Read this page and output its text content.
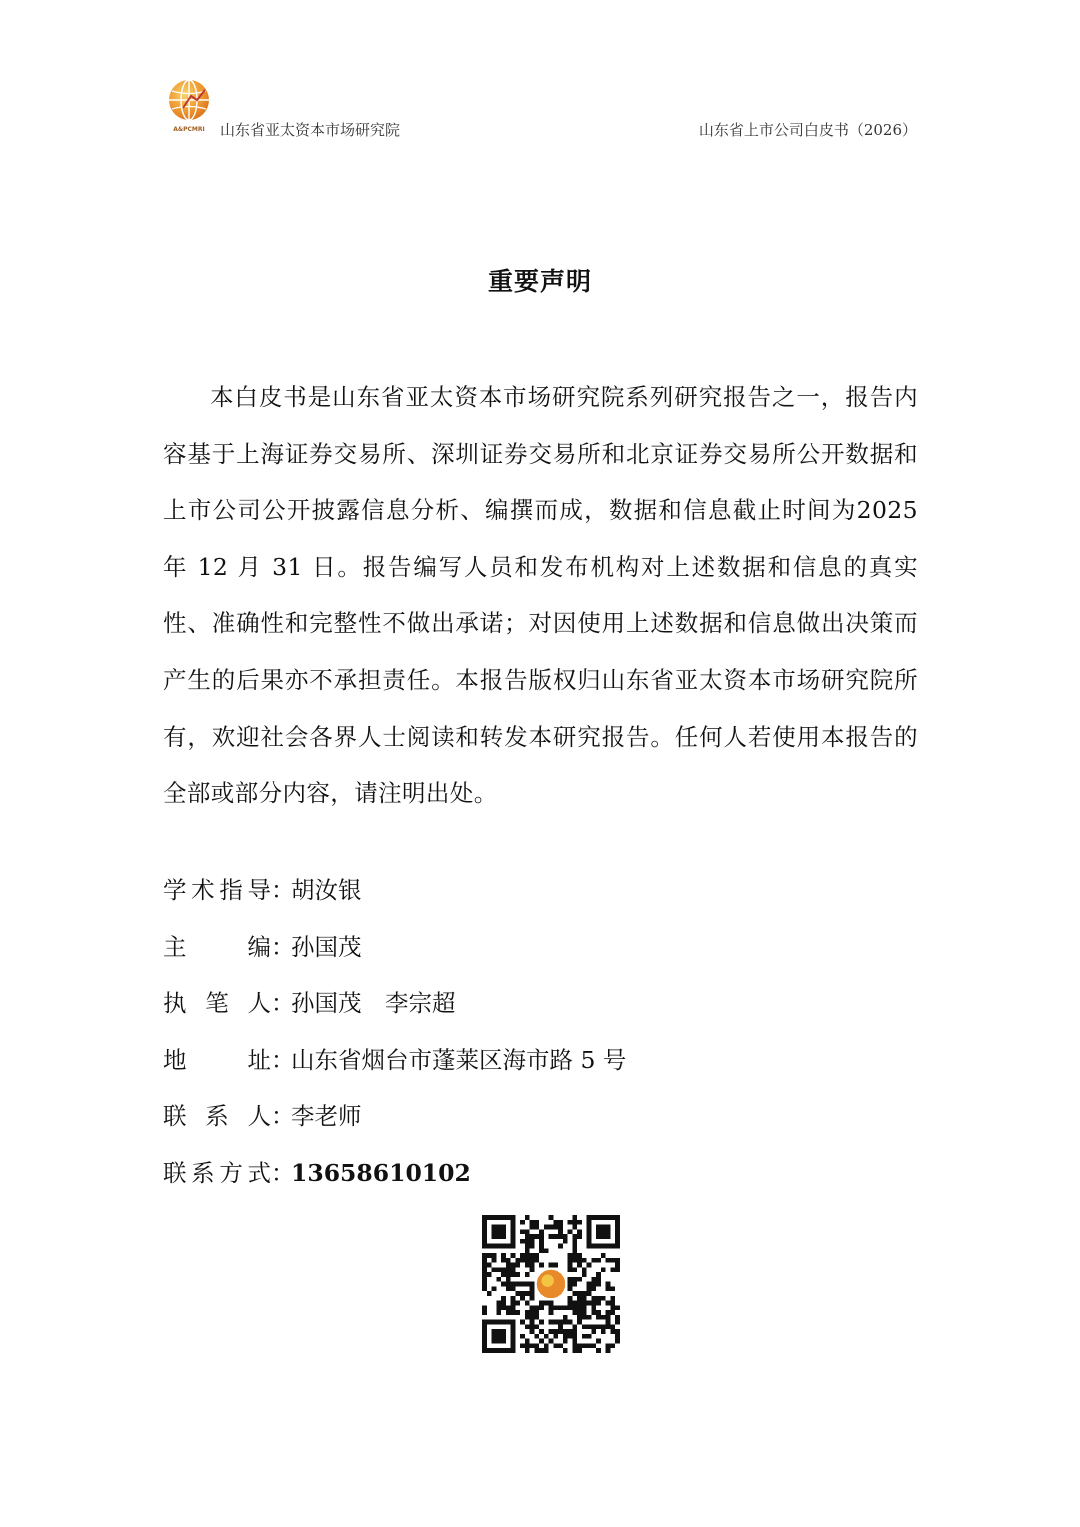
A&PCMRI 山东省亚太资本市场研究院	山东省上市公司白皮书（2026）
重要声明
本白皮书是山东省亚太资本市场研究院系列研究报告之一，报告内容基于上海证券交易所、深圳证券交易所和北京证券交易所公开数据和上市公司公开披露信息分析、编撰而成，数据和信息截止时间为2025 年 12 月 31 日。报告编写人员和发布机构对上述数据和信息的真实性、准确性和完整性不做出承诺；对因使用上述数据和信息做出决策而产生的后果亦不承担责任。本报告版权归山东省亚太资本市场研究院所有，欢迎社会各界人士阅读和转发本研究报告。任何人若使用本报告的全部或部分内容，请注明出处。
学术指导：胡汝银
主编：孙国茂
执笔人：孙国茂　李宗超
地址：山东省烟台市蓬莱区海市路 5 号
联系人：李老师
联系方式：13658610102
